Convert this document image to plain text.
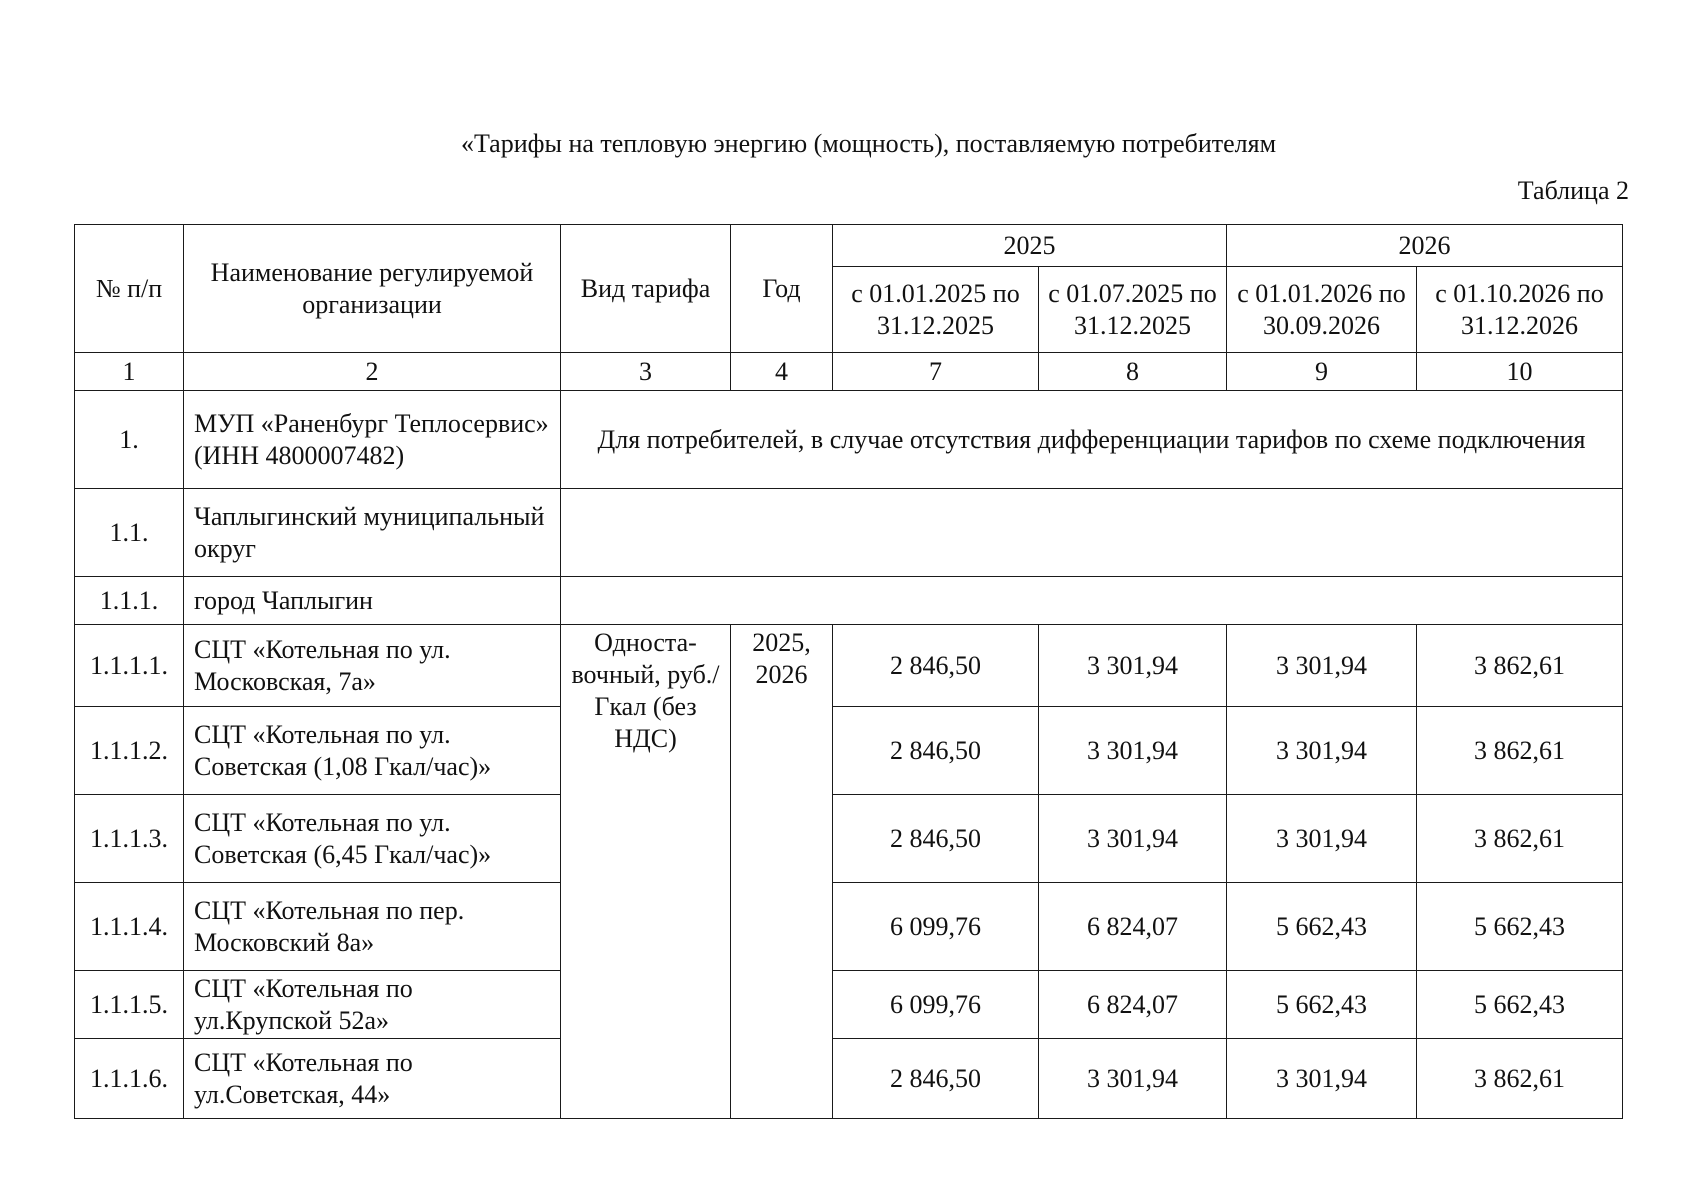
«Тарифы на тепловую энергию (мощность), поставляемую потребителям
Таблица 2
№ п/п	Наименование регулируемой организации	Вид тарифа	Год	2025		2026	
				с 01.01.2025 по 31.12.2025	с 01.07.2025 по 31.12.2025	с 01.01.2026 по 30.09.2026	с 01.10.2026 по 31.12.2026
1	2	3	4	7	8	9	10
1.	МУП «Раненбург Теплосервис» (ИНН 4800007482)	Для потребителей, в случае отсутствия дифференциации тарифов по схеме подключения					
1.1.	Чаплыгинский муниципальный округ						
1.1.1.	город Чаплыгин						
1.1.1.1.	СЦТ «Котельная по ул. Московская, 7а»	Односта-вочный, руб./Гкал (без НДС)	2025, 2026	2 846,50	3 301,94	3 301,94	3 862,61
1.1.1.2.	СЦТ «Котельная по ул. Советская (1,08 Гкал/час)»			2 846,50	3 301,94	3 301,94	3 862,61
1.1.1.3.	СЦТ «Котельная по ул. Советская (6,45 Гкал/час)»			2 846,50	3 301,94	3 301,94	3 862,61
1.1.1.4.	СЦТ «Котельная по пер. Московский 8а»			6 099,76	6 824,07	5 662,43	5 662,43
1.1.1.5.	СЦТ «Котельная по ул.Крупской 52а»			6 099,76	6 824,07	5 662,43	5 662,43
1.1.1.6.	СЦТ «Котельная по ул.Советская, 44»			2 846,50	3 301,94	3 301,94	3 862,61
